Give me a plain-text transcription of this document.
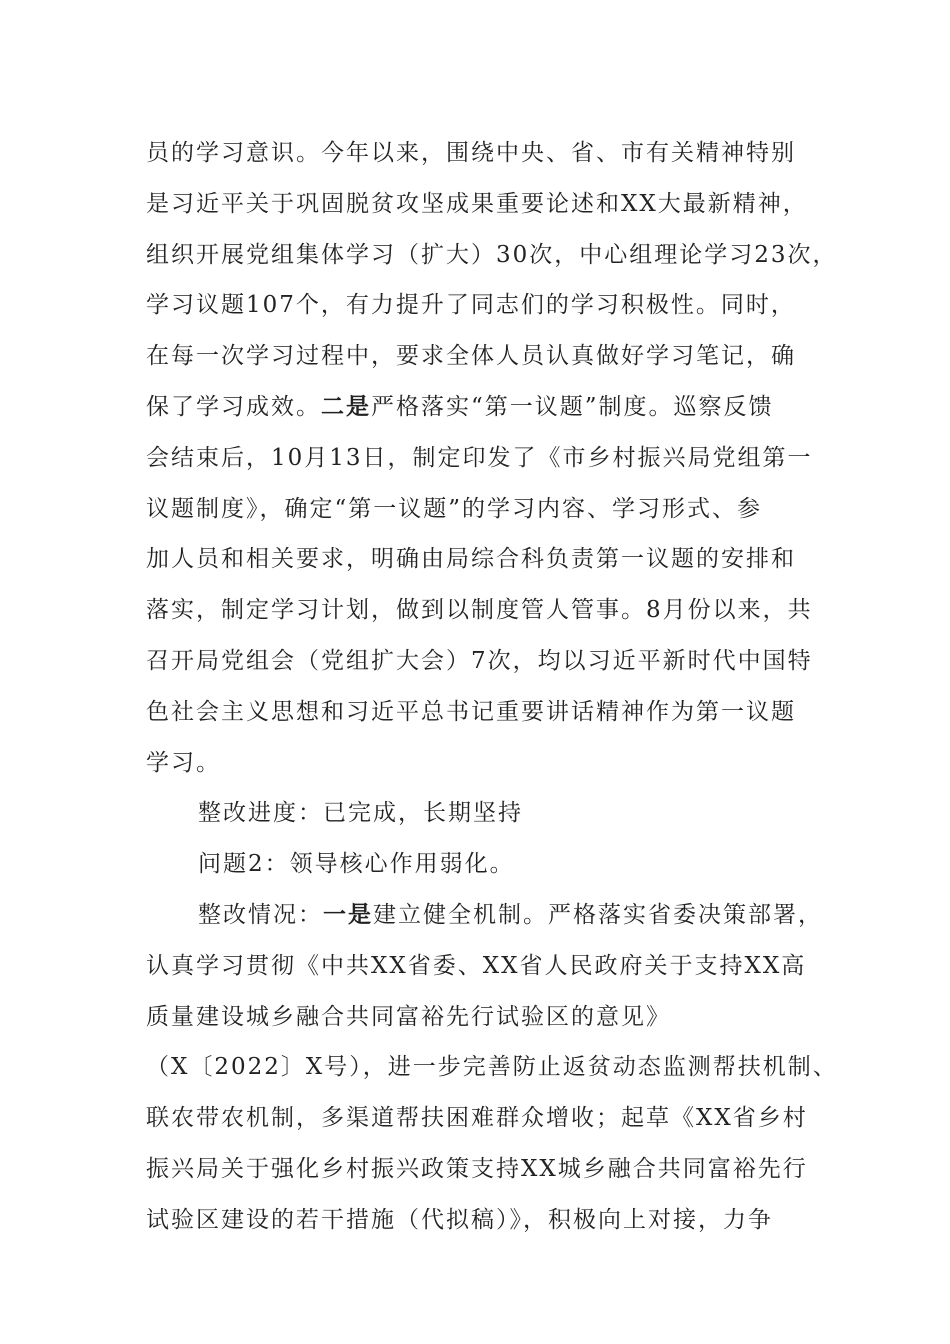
员的学习意识。今年以来，围绕中央、省、市有关精神特别
是习近平关于巩固脱贫攻坚成果重要论述和XX大最新精神，
组织开展党组集体学习（扩大）30次，中心组理论学习23次，
学习议题107个，有力提升了同志们的学习积极性。同时，
在每一次学习过程中，要求全体人员认真做好学习笔记，确
保了学习成效。二是严格落实“第一议题”制度。巡察反馈
会结束后，10月13日，制定印发了《市乡村振兴局党组第一
议题制度》，确定“第一议题”的学习内容、学习形式、参
加人员和相关要求，明确由局综合科负责第一议题的安排和
落实，制定学习计划，做到以制度管人管事。8月份以来，共
召开局党组会（党组扩大会）7次，均以习近平新时代中国特
色社会主义思想和习近平总书记重要讲话精神作为第一议题
学习。
整改进度：已完成，长期坚持
问题2：领导核心作用弱化。
整改情况：一是建立健全机制。严格落实省委决策部署，
认真学习贯彻《中共XX省委、XX省人民政府关于支持XX高
质量建设城乡融合共同富裕先行试验区的意见》
（X〔2022〕X号），进一步完善防止返贫动态监测帮扶机制、
联农带农机制，多渠道帮扶困难群众增收；起草《XX省乡村
振兴局关于强化乡村振兴政策支持XX城乡融合共同富裕先行
试验区建设的若干措施（代拟稿）》，积极向上对接，力争
